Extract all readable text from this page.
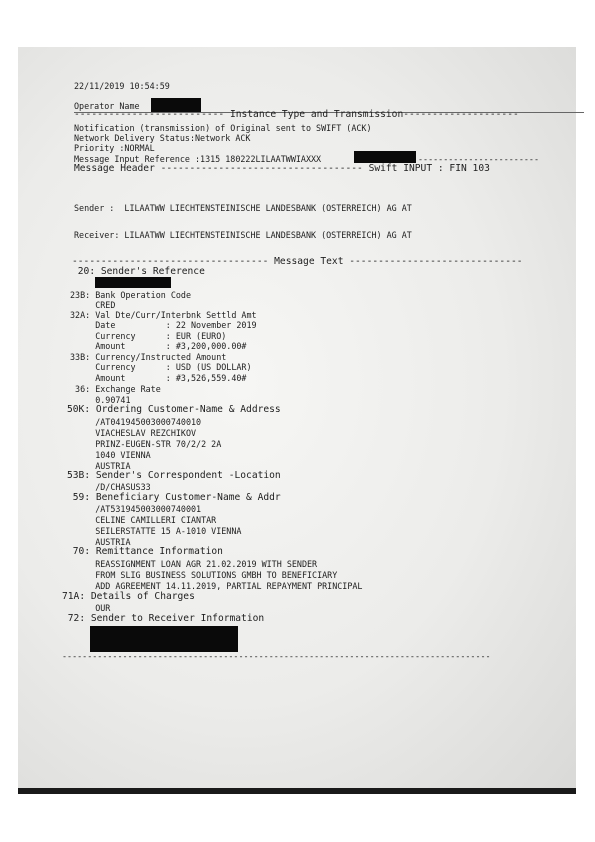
22/11/2019 10:54:59
Operator Name
-------------------------- Instance Type and Transmission--------------------
Notification (transmission) of Original sent to SWIFT (ACK)
Network Delivery Status:Network ACK
Priority :NORMAL
Message Input Reference :1315 180222LILAATWWIAXXX	------------------------
Message Header ----------------------------------- Swift INPUT : FIN 103
Sender :  LILAATWW LIECHTENSTEINISCHE LANDESBANK (OSTERREICH) AG AT
Receiver: LILAATWW LIECHTENSTEINISCHE LANDESBANK (OSTERREICH) AG AT
---------------------------------- Message Text ------------------------------
20: Sender's Reference
23B: Bank Operation Code
CRED
32A: Val Dte/Curr/Interbnk Settld Amt
Date          : 22 November 2019
Currency      : EUR (EURO)
Amount        : #3,200,000.00#
33B: Currency/Instructed Amount
Currency      : USD (US DOLLAR)
Amount        : #3,526,559.40#
36: Exchange Rate
0.90741
50K: Ordering Customer-Name & Address
/AT041945003000740010
VIACHESLAV REZCHIKOV
PRINZ-EUGEN-STR 70/2/2 2A
1040 VIENNA
AUSTRIA
53B: Sender's Correspondent -Location
/D/CHASUS33
59: Beneficiary Customer-Name & Addr
/AT531945003000740001
CELINE CAMILLERI CIANTAR
SEILERSTATTE 15 A-1010 VIENNA
AUSTRIA
70: Remittance Information
REASSIGNMENT LOAN AGR 21.02.2019 WITH SENDER
FROM SLIG BUSINESS SOLUTIONS GMBH TO BENEFICIARY
ADD AGREEMENT 14.11.2019, PARTIAL REPAYMENT PRINCIPAL
71A: Details of Charges
OUR
72: Sender to Receiver Information
-------------------------------------------------------------------------------------
